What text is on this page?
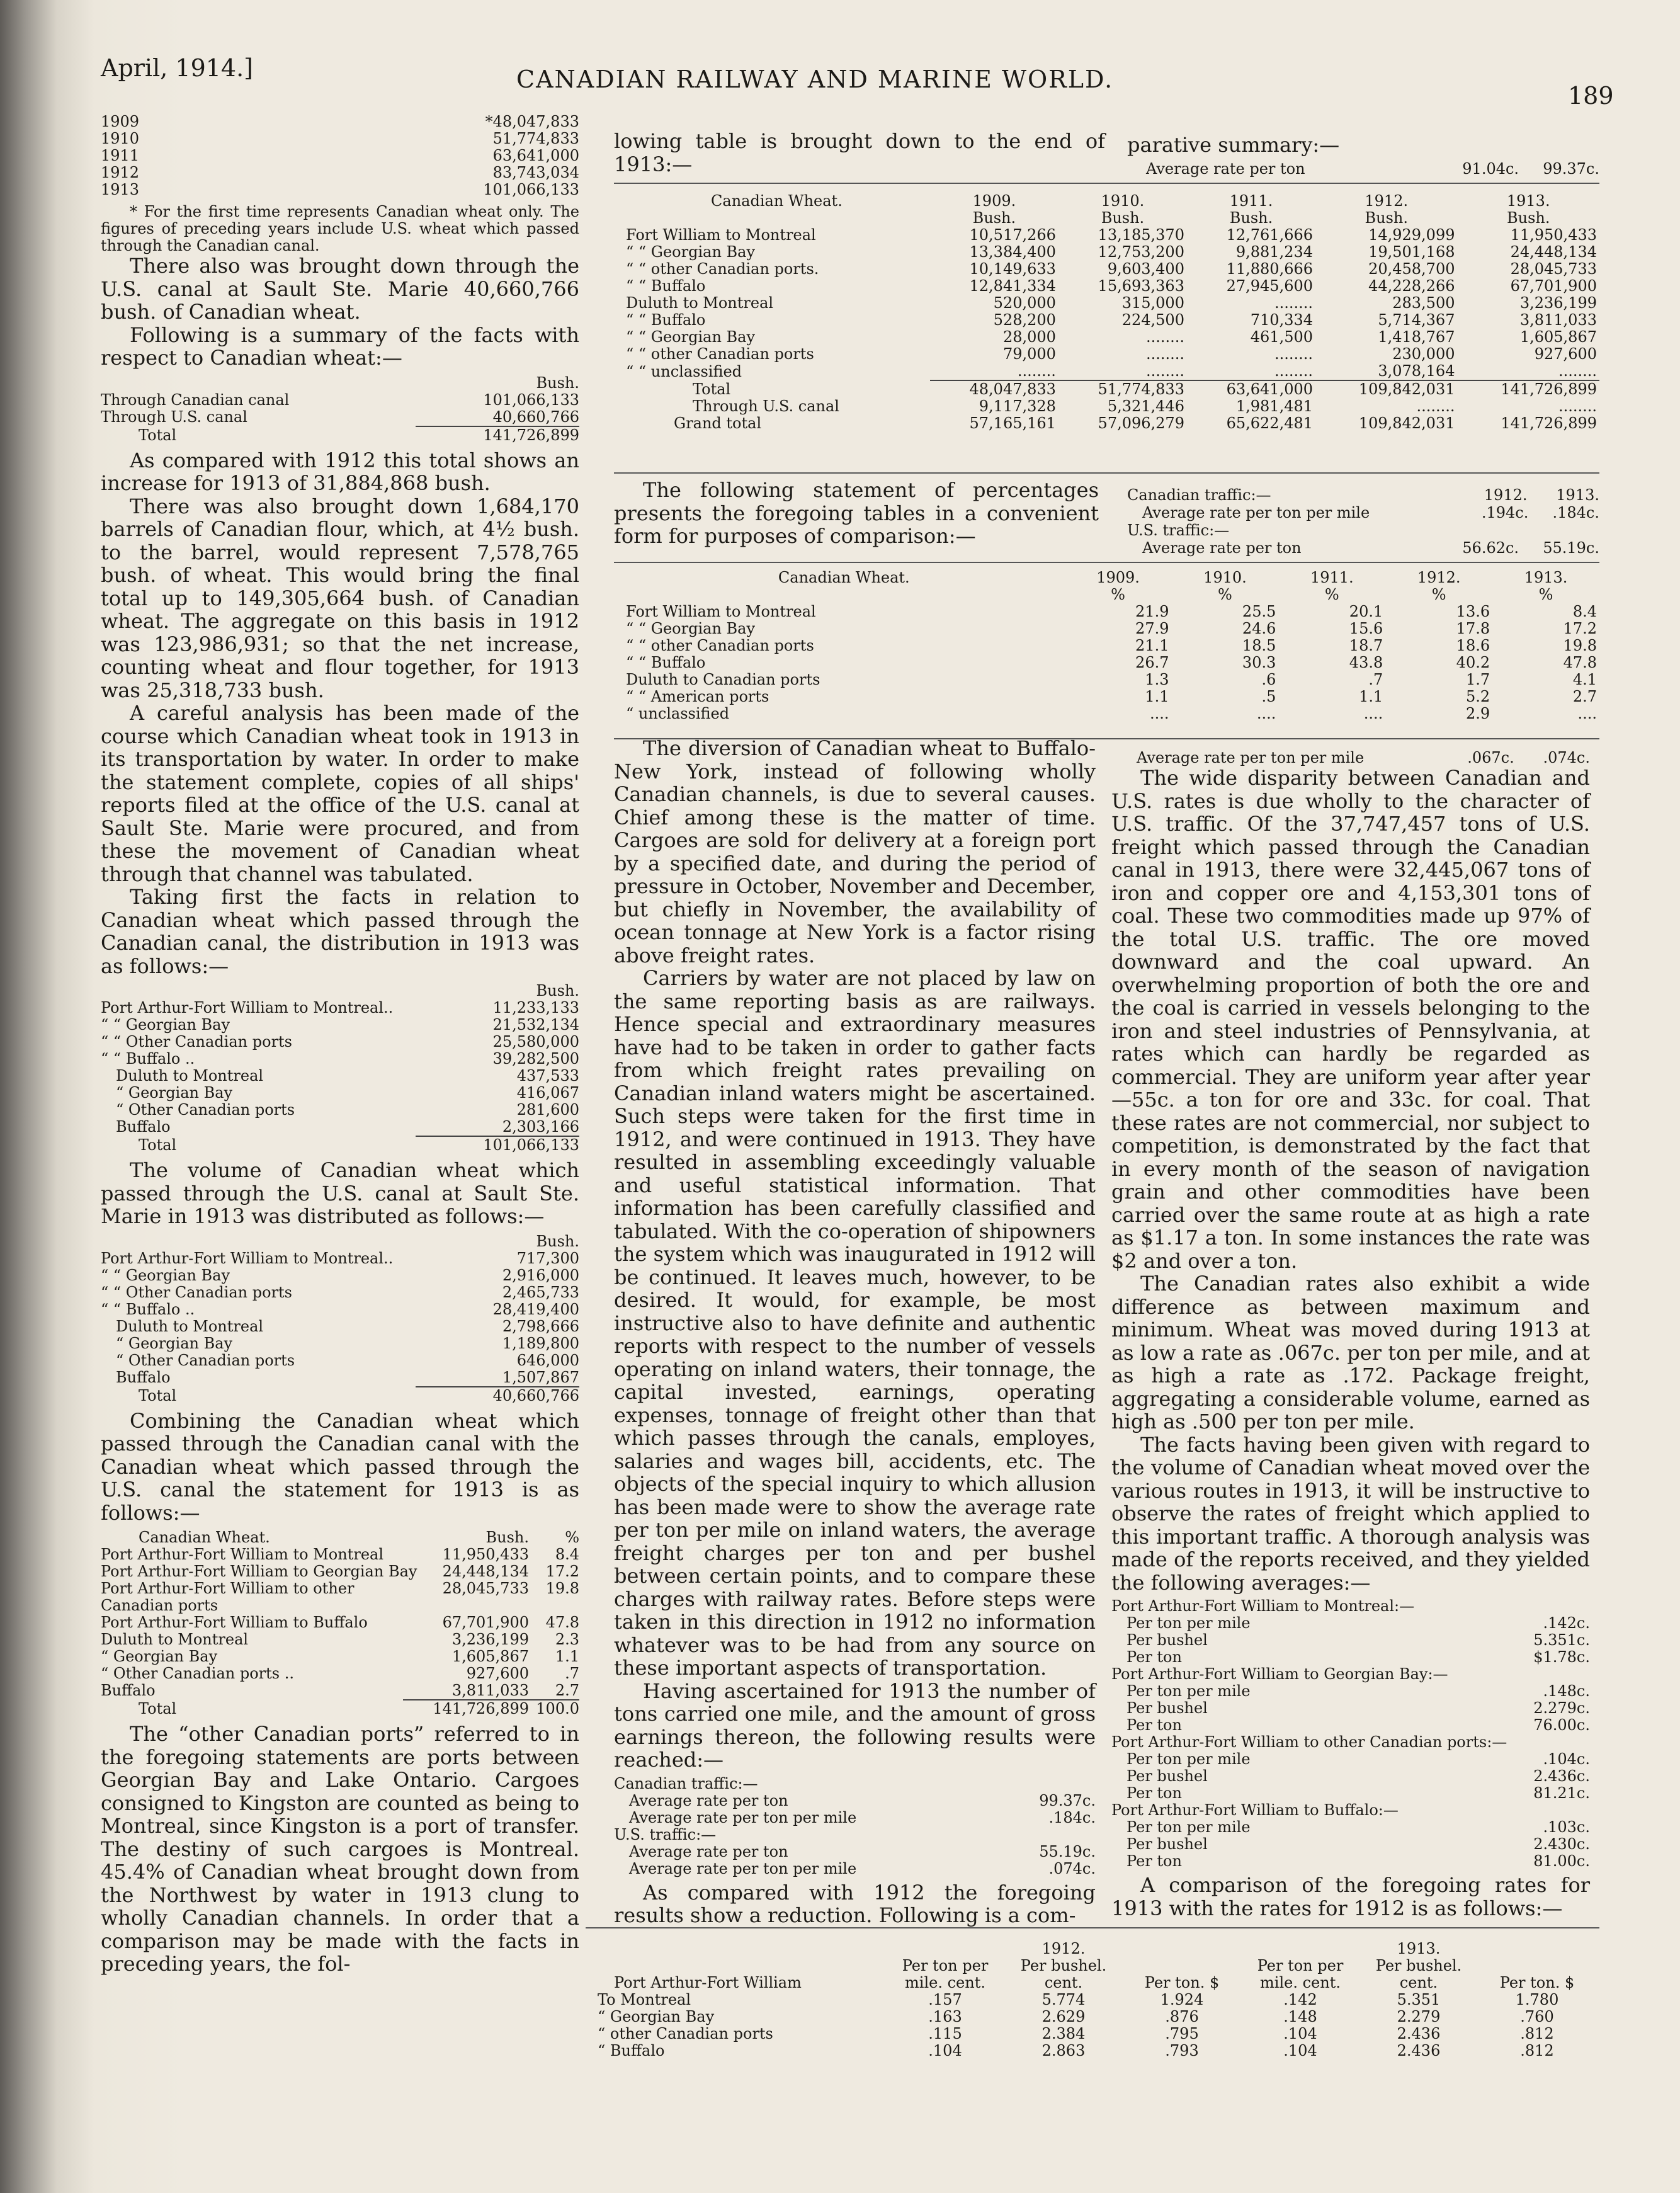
April, 1914.]	CANADIAN RAILWAY AND MARINE WORLD.
189
1909	*48,047,833
1910	51,774,833
1911	63,641,000
1912	83,743,034
1913	101,066,133

* For the first time represents Canadian wheat only. The figures of preceding years include U.S. wheat which passed through the Canadian canal.

There also was brought down through the U.S. canal at Sault Ste. Marie 40,660,766 bush. of Canadian wheat.

Following is a summary of the facts with respect to Canadian wheat:—

Bush.
Through Canadian canal	101,066,133
Through U.S. canal	40,660,766
Total	141,726,899

As compared with 1912 this total shows an increase for 1913 of 31,884,868 bush.

There was also brought down 1,684,170 barrels of Canadian flour, which, at 4½ bush. to the barrel, would represent 7,578,765 bush. of wheat. This would bring the final total up to 149,305,664 bush. of Canadian wheat. The aggregate on this basis in 1912 was 123,986,931; so that the net increase, counting wheat and flour together, for 1913 was 25,318,733 bush.

A careful analysis has been made of the course which Canadian wheat took in 1913 in its transportation by water. In order to make the statement complete, copies of all ships' reports filed at the office of the U.S. canal at Sault Ste. Marie were procured, and from these the movement of Canadian wheat through that channel was tabulated.

Taking first the facts in relation to Canadian wheat which passed through the Canadian canal, the distribution in 1913 was as follows:—

Bush.
Port Arthur-Fort William to Montreal..	11,233,133
“ “ Georgian Bay	21,532,134
“ “ Other Canadian ports	25,580,000
“ “ Buffalo ..	39,282,500
Duluth to Montreal	437,533
“ Georgian Bay	416,067
“ Other Canadian ports	281,600
Buffalo	2,303,166
Total	101,066,133

The volume of Canadian wheat which passed through the U.S. canal at Sault Ste. Marie in 1913 was distributed as follows:—

Bush.
Port Arthur-Fort William to Montreal..	717,300
“ “ Georgian Bay	2,916,000
“ “ Other Canadian ports	2,465,733
“ “ Buffalo ..	28,419,400
Duluth to Montreal	2,798,666
“ Georgian Bay	1,189,800
“ Other Canadian ports	646,000
Buffalo	1,507,867
Total	40,660,766

Combining the Canadian wheat which passed through the Canadian canal with the Canadian wheat which passed through the U.S. canal the statement for 1913 is as follows:—

Canadian Wheat.	Bush.	%
Port Arthur-Fort William to Montreal	11,950,433	8.4
Port Arthur-Fort William to Georgian Bay	24,448,134	17.2
Port Arthur-Fort William to other Canadian ports
28,045,733	19.8
Port Arthur-Fort William to Buffalo	67,701,900	47.8
Duluth to Montreal	3,236,199	2.3
“ Georgian Bay	1,605,867	1.1
“ Other Canadian ports ..	927,600	.7
Buffalo	3,811,033	2.7
Total	141,726,899 100.0

The “other Canadian ports” referred to in the foregoing statements are ports between Georgian Bay and Lake Ontario. Cargoes consigned to Kingston are counted as being to Montreal, since Kingston is a port of transfer. The destiny of such cargoes is Montreal. 45.4% of Canadian wheat brought down from the Northwest by water in 1913 clung to wholly Canadian channels. In order that a comparison may be made with the facts in preceding years, the fol-

lowing table is brought down to the end of 1913:—

parative summary:—

Average rate per ton	91.04c. 99.37c.
Canadian Wheat.	1909.	1910.	1911.	1912.	1913.
	Bush.	Bush.	Bush.	Bush.	Bush.
Fort William to Montreal	10,517,266	13,185,370	12,761,666	14,929,099	11,950,433
“ “ Georgian Bay	13,384,400	12,753,200	9,881,234	19,501,168	24,448,134
“ “ other Canadian ports.	10,149,633	9,603,400	11,880,666	20,458,700	28,045,733
“ “ Buffalo	12,841,334	15,693,363	27,945,600	44,228,266	67,701,900
Duluth to Montreal	520,000	315,000	........	283,500	3,236,199
“ “ Buffalo	528,200	224,500	710,334	5,714,367	3,811,033
“ “ Georgian Bay	28,000	........	461,500	1,418,767	1,605,867
“ “ other Canadian ports	79,000	........	........	230,000	927,600
“ “ unclassified	........	........	........	3,078,164	........
Total	48,047,833	51,774,833	63,641,000	109,842,031	141,726,899
Through U.S. canal	9,117,328	5,321,446	1,981,481	........	........
Grand total	57,165,161	57,096,279	65,622,481	109,842,031	141,726,899

The following statement of percentages presents the foregoing tables in a convenient form for purposes of comparison:—

Canadian traffic:—	1912. 1913.
Average rate per ton per mile	.194c. .184c.
U.S. traffic:—
Average rate per ton	56.62c. 55.19c.
Canadian Wheat.	1909.	1910.	1911.	1912.	1913.
	%	%	%	%	%
Fort William to Montreal	21.9	25.5	20.1	13.6	8.4
“ “ Georgian Bay	27.9	24.6	15.6	17.8	17.2
“ “ other Canadian ports	21.1	18.5	18.7	18.6	19.8
“ “ Buffalo	26.7	30.3	43.8	40.2	47.8
Duluth to Canadian ports	1.3	.6	.7	1.7	4.1
“ “ American ports	1.1	.5	1.1	5.2	2.7
“ unclassified	....	....	....	2.9	....

The diversion of Canadian wheat to Buffalo-New York, instead of following wholly Canadian channels, is due to several causes. Chief among these is the matter of time. Cargoes are sold for delivery at a foreign port by a specified date, and during the period of pressure in October, November and December, but chiefly in November, the availability of ocean tonnage at New York is a factor rising above freight rates.

Carriers by water are not placed by law on the same reporting basis as are railways. Hence special and extraordinary measures have had to be taken in order to gather facts from which freight rates prevailing on Canadian inland waters might be ascertained. Such steps were taken for the first time in 1912, and were continued in 1913. They have resulted in assembling exceedingly valuable and useful statistical information. That information has been carefully classified and tabulated. With the co-operation of shipowners the system which was inaugurated in 1912 will be continued. It leaves much, however, to be desired. It would, for example, be most instructive also to have definite and authentic reports with respect to the number of vessels operating on inland waters, their tonnage, the capital invested, earnings, operating expenses, tonnage of freight other than that which passes through the canals, employes, salaries and wages bill, accidents, etc. The objects of the special inquiry to which allusion has been made were to show the average rate per ton per mile on inland waters, the average freight charges per ton and per bushel between certain points, and to compare these charges with railway rates. Before steps were taken in this direction in 1912 no information whatever was to be had from any source on these important aspects of transportation.

Having ascertained for 1913 the number of tons carried one mile, and the amount of gross earnings thereon, the following results were reached:—

Canadian traffic:—
Average rate per ton	99.37c.
Average rate per ton per mile	.184c.
U.S. traffic:—
Average rate per ton	55.19c.
Average rate per ton per mile	.074c.

As compared with 1912 the foregoing results show a reduction. Following is a com-

Average rate per ton per mile	.067c. .074c.

The wide disparity between Canadian and U.S. rates is due wholly to the character of U.S. traffic. Of the 37,747,457 tons of U.S. freight which passed through the Canadian canal in 1913, there were 32,445,067 tons of iron and copper ore and 4,153,301 tons of coal. These two commodities made up 97% of the total U.S. traffic. The ore moved downward and the coal upward. An overwhelming proportion of both the ore and the coal is carried in vessels belonging to the iron and steel industries of Pennsylvania, at rates which can hardly be regarded as commercial. They are uniform year after year—55c. a ton for ore and 33c. for coal. That these rates are not commercial, nor subject to competition, is demonstrated by the fact that in every month of the season of navigation grain and other commodities have been carried over the same route at as high a rate as $1.17 a ton. In some instances the rate was $2 and over a ton.

The Canadian rates also exhibit a wide difference as between maximum and minimum. Wheat was moved during 1913 at as low a rate as .067c. per ton per mile, and at as high a rate as .172. Package freight, aggregating a considerable volume, earned as high as .500 per ton per mile.

The facts having been given with regard to the volume of Canadian wheat moved over the various routes in 1913, it will be instructive to observe the rates of freight which applied to this important traffic. A thorough analysis was made of the reports received, and they yielded the following averages:—

Port Arthur-Fort William to Montreal:—
Per ton per mile	.142c.
Per bushel	5.351c.
Per ton	$1.78c.
Port Arthur-Fort William to Georgian Bay:—
Per ton per mile	.148c.
Per bushel	2.279c.
Per ton	76.00c.
Port Arthur-Fort William to other Canadian ports:—
Per ton per mile	.104c.
Per bushel	2.436c.
Per ton	81.21c.
Port Arthur-Fort William to Buffalo:—
Per ton per mile	.103c.
Per bushel	2.430c.
Per ton	81.00c.

A comparison of the foregoing rates for 1913 with the rates for 1912 is as follows:—

	1912.			1913.		
Port Arthur-Fort William	Per ton per mile. cent.	Per bushel. cent.	Per ton. $	Per ton per mile. cent.	Per bushel. cent.	Per ton. $
To Montreal	.157	5.774	1.924	.142	5.351	1.780
“ Georgian Bay	.163	2.629	.876	.148	2.279	.760
“ other Canadian ports	.115	2.384	.795	.104	2.436	.812
“ Buffalo	.104	2.863	.793	.104	2.436	.812
